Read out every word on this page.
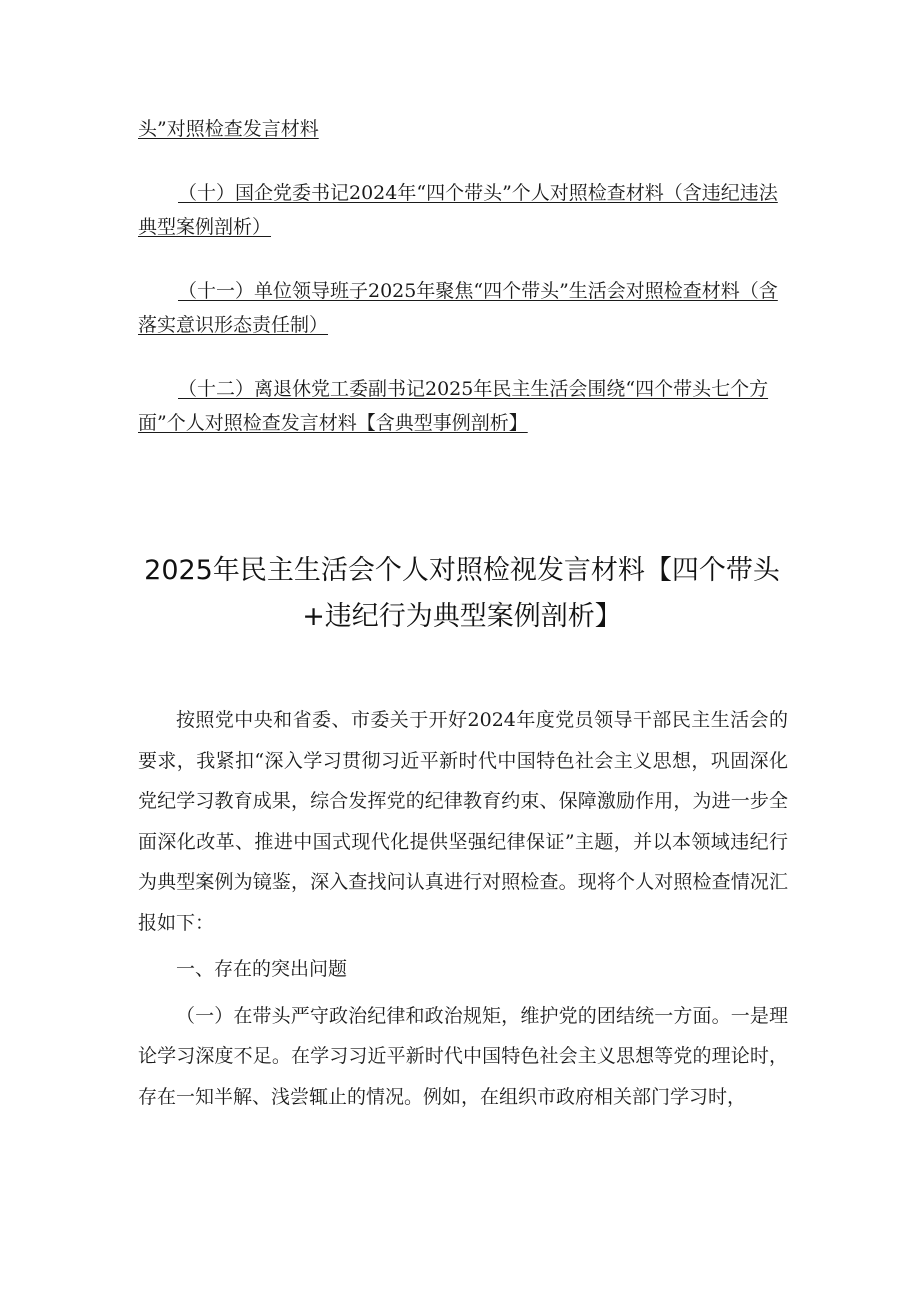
头”对照检查发言材料

（十）国企党委书记2024年“四个带头”个人对照检查材料（含违纪违法典型案例剖析）

（十一）单位领导班子2025年聚焦“四个带头”生活会对照检查材料（含落实意识形态责任制）

（十二）离退休党工委副书记2025年民主生活会围绕“四个带头七个方面”个人对照检查发言材料【含典型事例剖析】

2025年民主生活会个人对照检视发言材料【四个带头+违纪行为典型案例剖析】

按照党中央和省委、市委关于开好2024年度党员领导干部民主生活会的要求，我紧扣“深入学习贯彻习近平新时代中国特色社会主义思想，巩固深化党纪学习教育成果，综合发挥党的纪律教育约束、保障激励作用，为进一步全面深化改革、推进中国式现代化提供坚强纪律保证”主题，并以本领域违纪行为典型案例为镜鉴，深入查找问认真进行对照检查。现将个人对照检查情况汇报如下：

一、存在的突出问题

（一）在带头严守政治纪律和政治规矩，维护党的团结统一方面。一是理论学习深度不足。在学习习近平新时代中国特色社会主义思想等党的理论时，存在一知半解、浅尝辄止的情况。例如，在组织市政府相关部门学习时，
